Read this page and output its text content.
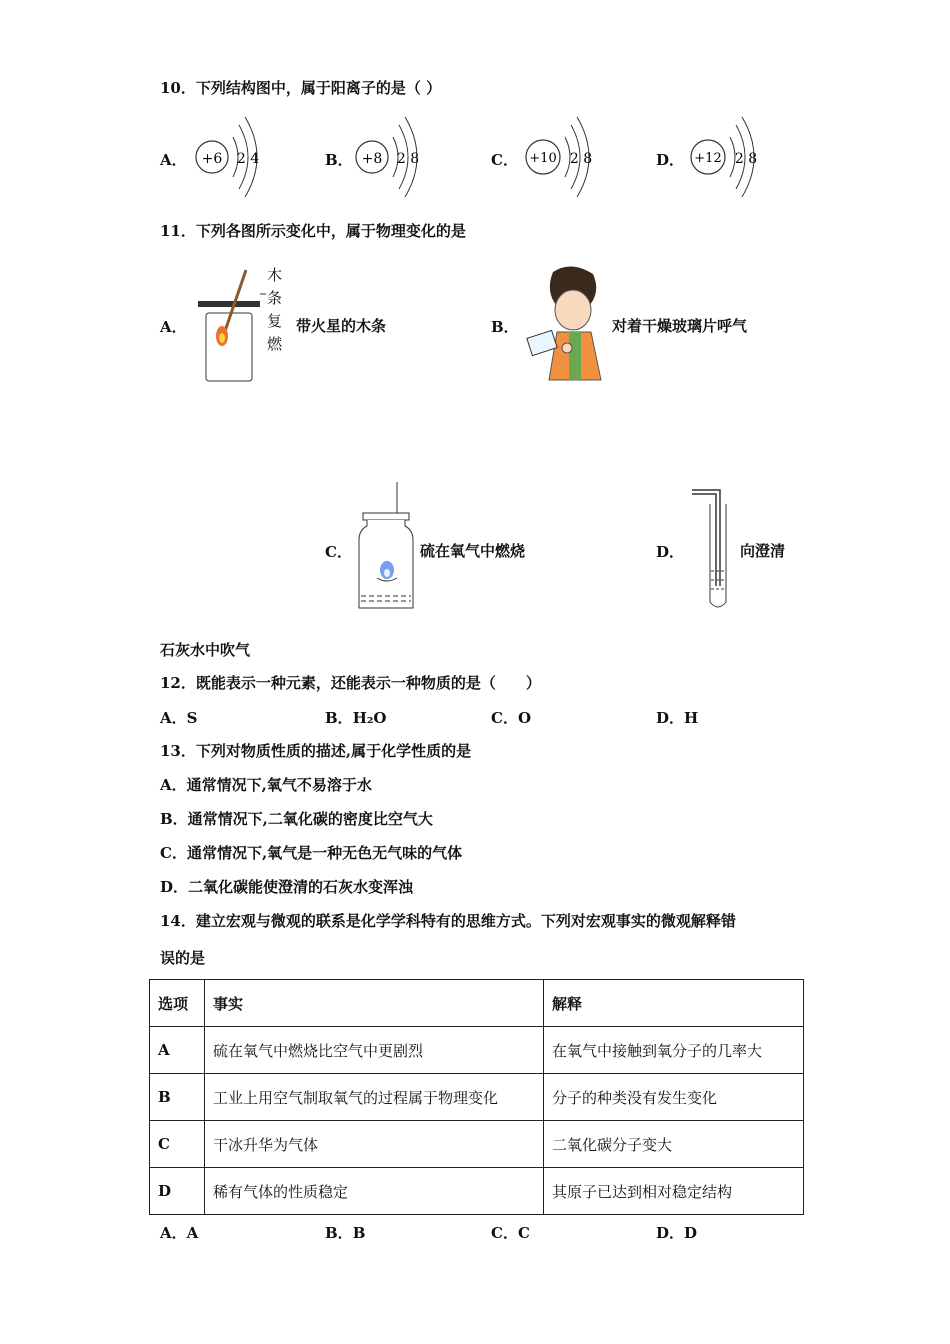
10．下列结构图中，属于阳离子的是（ ）
A． +6 2 4	B． +8 2 8	C． +10 2 8	D． +12 2 8
11．下列各图所示变化中，属于物理变化的是
A．
木条复燃
带火星的木条	B．	对着干燥玻璃片呼气
C．	硫在氧气中燃烧	D．	向澄清
石灰水中吹气
12．既能表示一种元素，还能表示一种物质的是（　　）
A．S	B．H₂O	C．O	D．H
13．下列对物质性质的描述,属于化学性质的是
A．通常情况下,氧气不易溶于水
B．通常情况下,二氧化碳的密度比空气大
C．通常情况下,氧气是一种无色无气味的气体
D．二氧化碳能使澄清的石灰水变浑浊
14．建立宏观与微观的联系是化学学科特有的思维方式。下列对宏观事实的微观解释错
误的是
选项	事实	解释
A	硫在氧气中燃烧比空气中更剧烈	在氧气中接触到氧分子的几率大
B	工业上用空气制取氧气的过程属于物理变化	分子的种类没有发生变化
C	干冰升华为气体	二氧化碳分子变大
D	稀有气体的性质稳定	其原子已达到相对稳定结构
A．A	B．B	C．C	D．D
